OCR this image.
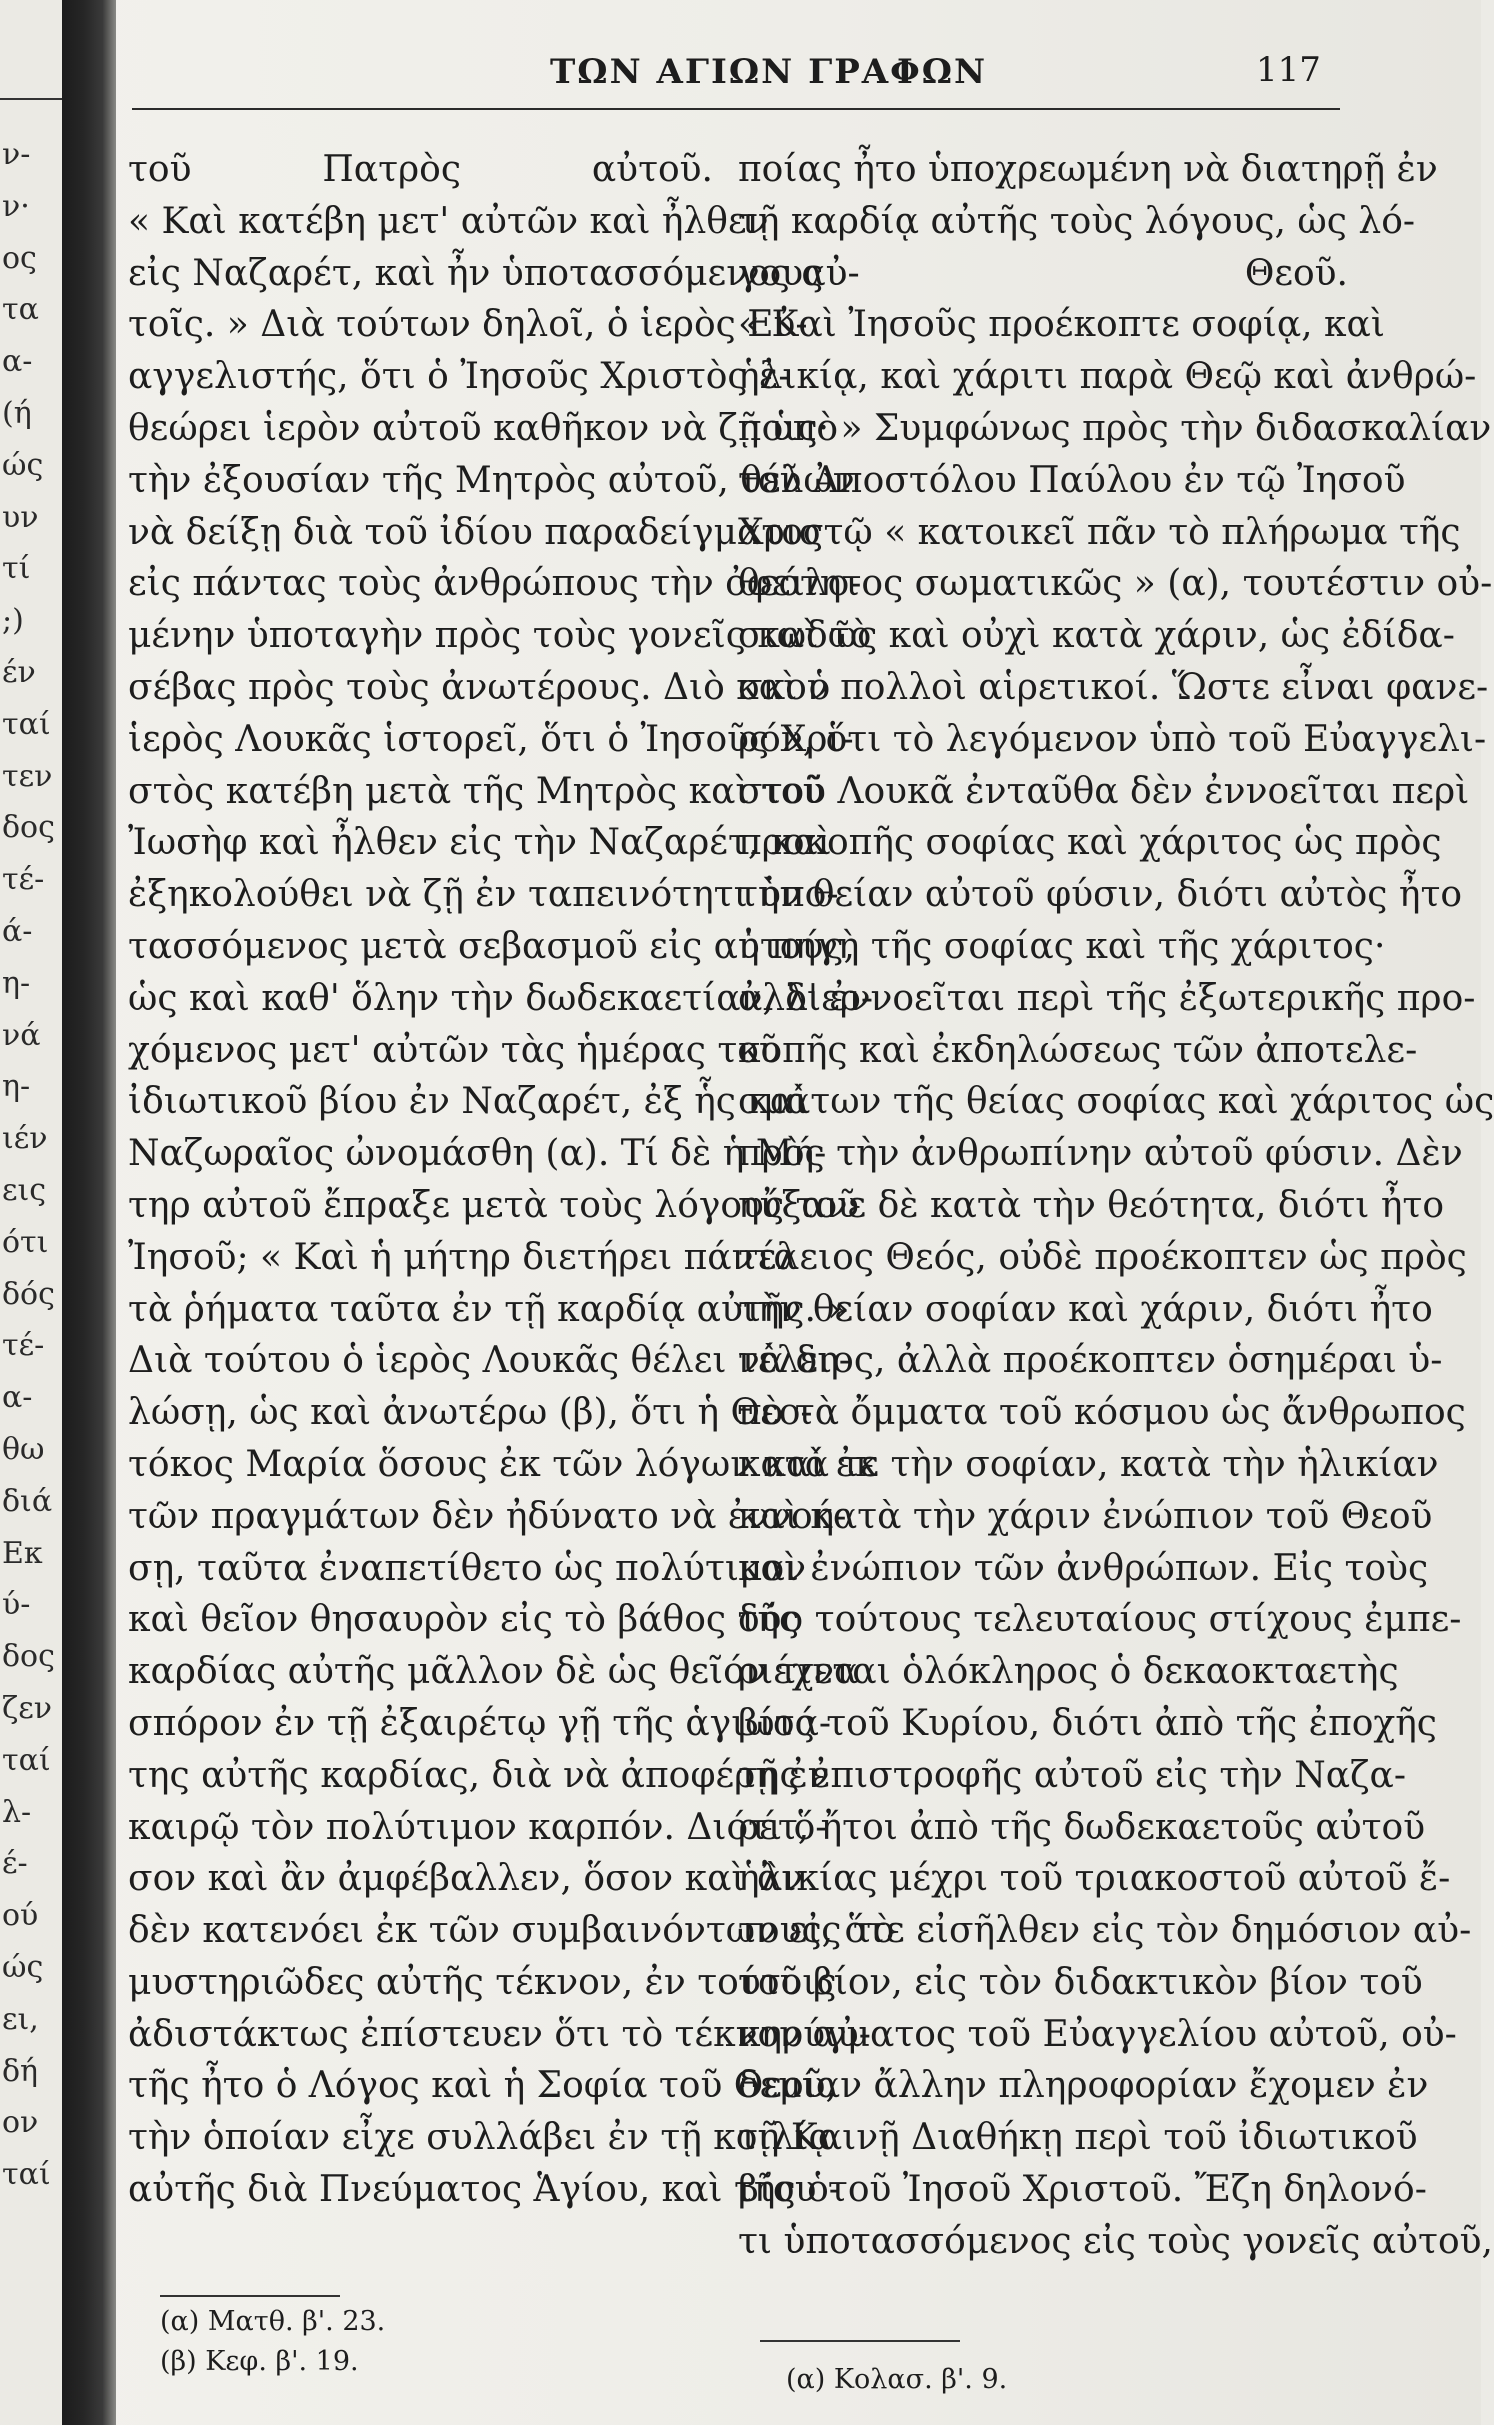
ν-
ν·
ος
τα
α-
(ή
ώς
υν
τί
;)
έν
ταί
τεν
δος
τέ-
ά-
η-
νά
η-
ιέν
εις
ότι
δός
τέ-
α-
θω
διά
Εκ
ύ-
δος
ζεν
ταί
λ-
έ-
ού
ώς
ει,
δή
ον
ταί
ΤΩΝ ΑΓΙΩΝ ΓΡΑΦΩΝ	117
τοῦ Πατρὸς αὐτοῦ.
« Καὶ κατέβη μετ' αὐτῶν καὶ ἦλθεν
εἰς Ναζαρέτ, καὶ ἦν ὑποτασσόμενος αὐ-
τοῖς. » Διὰ τούτων δηλοῖ, ὁ ἱερὸς Εὐ-
αγγελιστής, ὅτι ὁ Ἰησοῦς Χριστὸς ἐ-
θεώρει ἱερὸν αὐτοῦ καθῆκον νὰ ζῇ ὑπὸ
τὴν ἐξουσίαν τῆς Μητρὸς αὐτοῦ, θέλων
νὰ δείξῃ διὰ τοῦ ἰδίου παραδείγματος
εἰς πάντας τοὺς ἀνθρώπους τὴν ὀφειλο-
μένην ὑποταγὴν πρὸς τοὺς γονεῖς καὶ τὸ
σέβας πρὸς τοὺς ἀνωτέρους. Διὸ καὶ ὁ
ἱερὸς Λουκᾶς ἱστορεῖ, ὅτι ὁ Ἰησοῦς Χρι-
στὸς κατέβη μετὰ τῆς Μητρὸς καὶ τοῦ
Ἰωσὴφ καὶ ἦλθεν εἰς τὴν Ναζαρέτ, καὶ
ἐξηκολούθει νὰ ζῇ ἐν ταπεινότητι ὑπο-
τασσόμενος μετὰ σεβασμοῦ εἰς αὐτούς,
ὡς καὶ καθ' ὅλην τὴν δωδεκαετίαν, διερ-
χόμενος μετ' αὐτῶν τὰς ἡμέρας τοῦ
ἰδιωτικοῦ βίου ἐν Ναζαρέτ, ἐξ ἧς καὶ
Ναζωραῖος ὠνομάσθη (α). Τί δὲ ἡ Μή-
τηρ αὐτοῦ ἔπραξε μετὰ τοὺς λόγους τοῦ
Ἰησοῦ; « Καὶ ἡ μήτηρ διετήρει πάντα
τὰ ῥήματα ταῦτα ἐν τῇ καρδίᾳ αὐτῆς. »
Διὰ τούτου ὁ ἱερὸς Λουκᾶς θέλει νὰ δη-
λώσῃ, ὡς καὶ ἀνωτέρω (β), ὅτι ἡ Θεο-
τόκος Μαρία ὅσους ἐκ τῶν λόγων καὶ ἐκ
τῶν πραγμάτων δὲν ἠδύνατο νὰ ἐννοή-
σῃ, ταῦτα ἐναπετίθετο ὡς πολύτιμον
καὶ θεῖον θησαυρὸν εἰς τὸ βάθος τῆς
καρδίας αὐτῆς μᾶλλον δὲ ὡς θεῖόν τινα
σπόρον ἐν τῇ ἐξαιρέτῳ γῇ τῆς ἁγιωτά-
της αὐτῆς καρδίας, διὰ νὰ ἀποφέρῃ ἐν
καιρῷ τὸν πολύτιμον καρπόν. Διότι ὅ-
σον καὶ ἂν ἀμφέβαλλεν, ὅσον καὶ ἂν
δὲν κατενόει ἐκ τῶν συμβαινόντων εἰς τὸ
μυστηριῶδες αὐτῆς τέκνον, ἐν τούτοις
ἀδιστάκτως ἐπίστευεν ὅτι τὸ τέκνον αὐ-
τῆς ἦτο ὁ Λόγος καὶ ἡ Σοφία τοῦ Θεοῦ,
τὴν ὁποίαν εἶχε συλλάβει ἐν τῇ κοιλίᾳ
αὐτῆς διὰ Πνεύματος Ἁγίου, καὶ τῆς ὁ-
ποίας ἦτο ὑποχρεωμένη νὰ διατηρῇ ἐν
τῇ καρδίᾳ αὐτῆς τοὺς λόγους, ὡς λό-
γους Θεοῦ.
« Καὶ Ἰησοῦς προέκοπτε σοφίᾳ, καὶ
ἡλικίᾳ, καὶ χάριτι παρὰ Θεῷ καὶ ἀνθρώ-
ποις· » Συμφώνως πρὸς τὴν διδασκαλίαν
τοῦ Ἀποστόλου Παύλου ἐν τῷ Ἰησοῦ
Χριστῷ « κατοικεῖ πᾶν τὸ πλήρωμα τῆς
θεότητος σωματικῶς » (α), τουτέστιν οὐ-
σιωδῶς καὶ οὐχὶ κατὰ χάριν, ὡς ἐδίδα-
σκον πολλοὶ αἱρετικοί. Ὥστε εἶναι φανε-
ρόν, ὅτι τὸ λεγόμενον ὑπὸ τοῦ Εὐαγγελι-
στοῦ Λουκᾶ ἐνταῦθα δὲν ἐννοεῖται περὶ
προκοπῆς σοφίας καὶ χάριτος ὡς πρὸς
τὴν θείαν αὐτοῦ φύσιν, διότι αὐτὸς ἦτο
ἡ πηγὴ τῆς σοφίας καὶ τῆς χάριτος·
ἀλλ' ἐννοεῖται περὶ τῆς ἐξωτερικῆς προ-
κοπῆς καὶ ἐκδηλώσεως τῶν ἀποτελε-
σμάτων τῆς θείας σοφίας καὶ χάριτος ὡς
πρὸς τὴν ἀνθρωπίνην αὐτοῦ φύσιν. Δὲν
ηὔξανε δὲ κατὰ τὴν θεότητα, διότι ἦτο
τέλειος Θεός, οὐδὲ προέκοπτεν ὡς πρὸς
τὴν θείαν σοφίαν καὶ χάριν, διότι ἦτο
τέλειος, ἀλλὰ προέκοπτεν ὁσημέραι ὑ-
πὸ τὰ ὄμματα τοῦ κόσμου ὡς ἄνθρωπος
κατά τε τὴν σοφίαν, κατὰ τὴν ἡλικίαν
καὶ κατὰ τὴν χάριν ἐνώπιον τοῦ Θεοῦ
καὶ ἐνώπιον τῶν ἀνθρώπων. Εἰς τοὺς
δύο τούτους τελευταίους στίχους ἐμπε-
ριέχεται ὁλόκληρος ὁ δεκαοκταετὴς
βίος τοῦ Κυρίου, διότι ἀπὸ τῆς ἐποχῆς
τῆς ἐπιστροφῆς αὐτοῦ εἰς τὴν Ναζα-
ρέτ, ἤτοι ἀπὸ τῆς δωδεκαετοῦς αὐτοῦ
ἡλικίας μέχρι τοῦ τριακοστοῦ αὐτοῦ ἔ-
τους, ὅτε εἰσῆλθεν εἰς τὸν δημόσιον αὐ-
τοῦ βίον, εἰς τὸν διδακτικὸν βίον τοῦ
κηρύγματος τοῦ Εὐαγγελίου αὐτοῦ, οὐ-
δεμίαν ἄλλην πληροφορίαν ἔχομεν ἐν
τῇ Καινῇ Διαθήκῃ περὶ τοῦ ἰδιωτικοῦ
βίου τοῦ Ἰησοῦ Χριστοῦ. Ἔζη δηλονό-
τι ὑποτασσόμενος εἰς τοὺς γονεῖς αὐτοῦ,
(α) Ματθ. β'. 23.
(β) Κεφ. β'. 19.
(α) Κολασ. β'. 9.
